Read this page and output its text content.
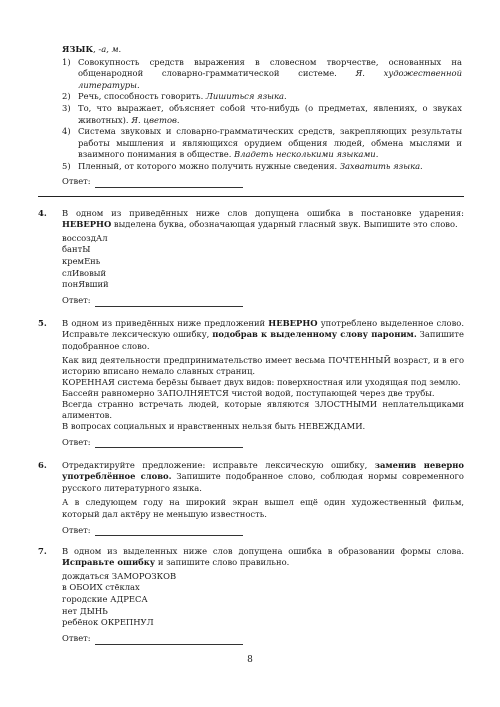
ЯЗЫК, -а, м.
1) Совокупность средств выражения в словесном творчестве, основанных на общенародной словарно-грамматической системе. Я. художественной литературы.
2) Речь, способность говорить. Лишиться языка.
3) То, что выражает, объясняет собой что-нибудь (о предметах, явлениях, о звуках животных). Я. цветов.
4) Система звуковых и словарно-грамматических средств, закрепляющих результаты работы мышления и являющихся орудием общения людей, обмена мыслями и взаимного понимания в обществе. Владеть несколькими языками.
5) Пленный, от которого можно получить нужные сведения. Захватить языка.
Ответ:
4. В одном из приведённых ниже слов допущена ошибка в постановке ударения: НЕВЕРНО выделена буква, обозначающая ударный гласный звук. Выпишите это слово.
воссоздАл
бантЫ
кремЕнь
слИвовый
понЯвший
Ответ:
5. В одном из приведённых ниже предложений НЕВЕРНО употреблено выделенное слово. Исправьте лексическую ошибку, подобрав к выделенному слову пароним. Запишите подобранное слово.
Как вид деятельности предпринимательство имеет весьма ПОЧТЕННЫЙ возраст, и в его историю вписано немало славных страниц.
КОРЕННАЯ система берёзы бывает двух видов: поверхностная или уходящая под землю.
Бассейн равномерно ЗАПОЛНЯЕТСЯ чистой водой, поступающей через две трубы.
Всегда странно встречать людей, которые являются ЗЛОСТНЫМИ неплательщиками алиментов.
В вопросах социальных и нравственных нельзя быть НЕВЕЖДАМИ.
Ответ:
6. Отредактируйте предложение: исправьте лексическую ошибку, заменив неверно употреблённое слово. Запишите подобранное слово, соблюдая нормы современного русского литературного языка.
А в следующем году на широкий экран вышел ещё один художественный фильм, который дал актёру не меньшую известность.
Ответ:
7. В одном из выделенных ниже слов допущена ошибка в образовании формы слова. Исправьте ошибку и запишите слово правильно.
дождаться ЗАМОРОЗКОВ
в ОБОИХ стёклах
городские АДРЕСА
нет ДЫНЬ
ребёнок ОКРЕПНУЛ
Ответ:
8
